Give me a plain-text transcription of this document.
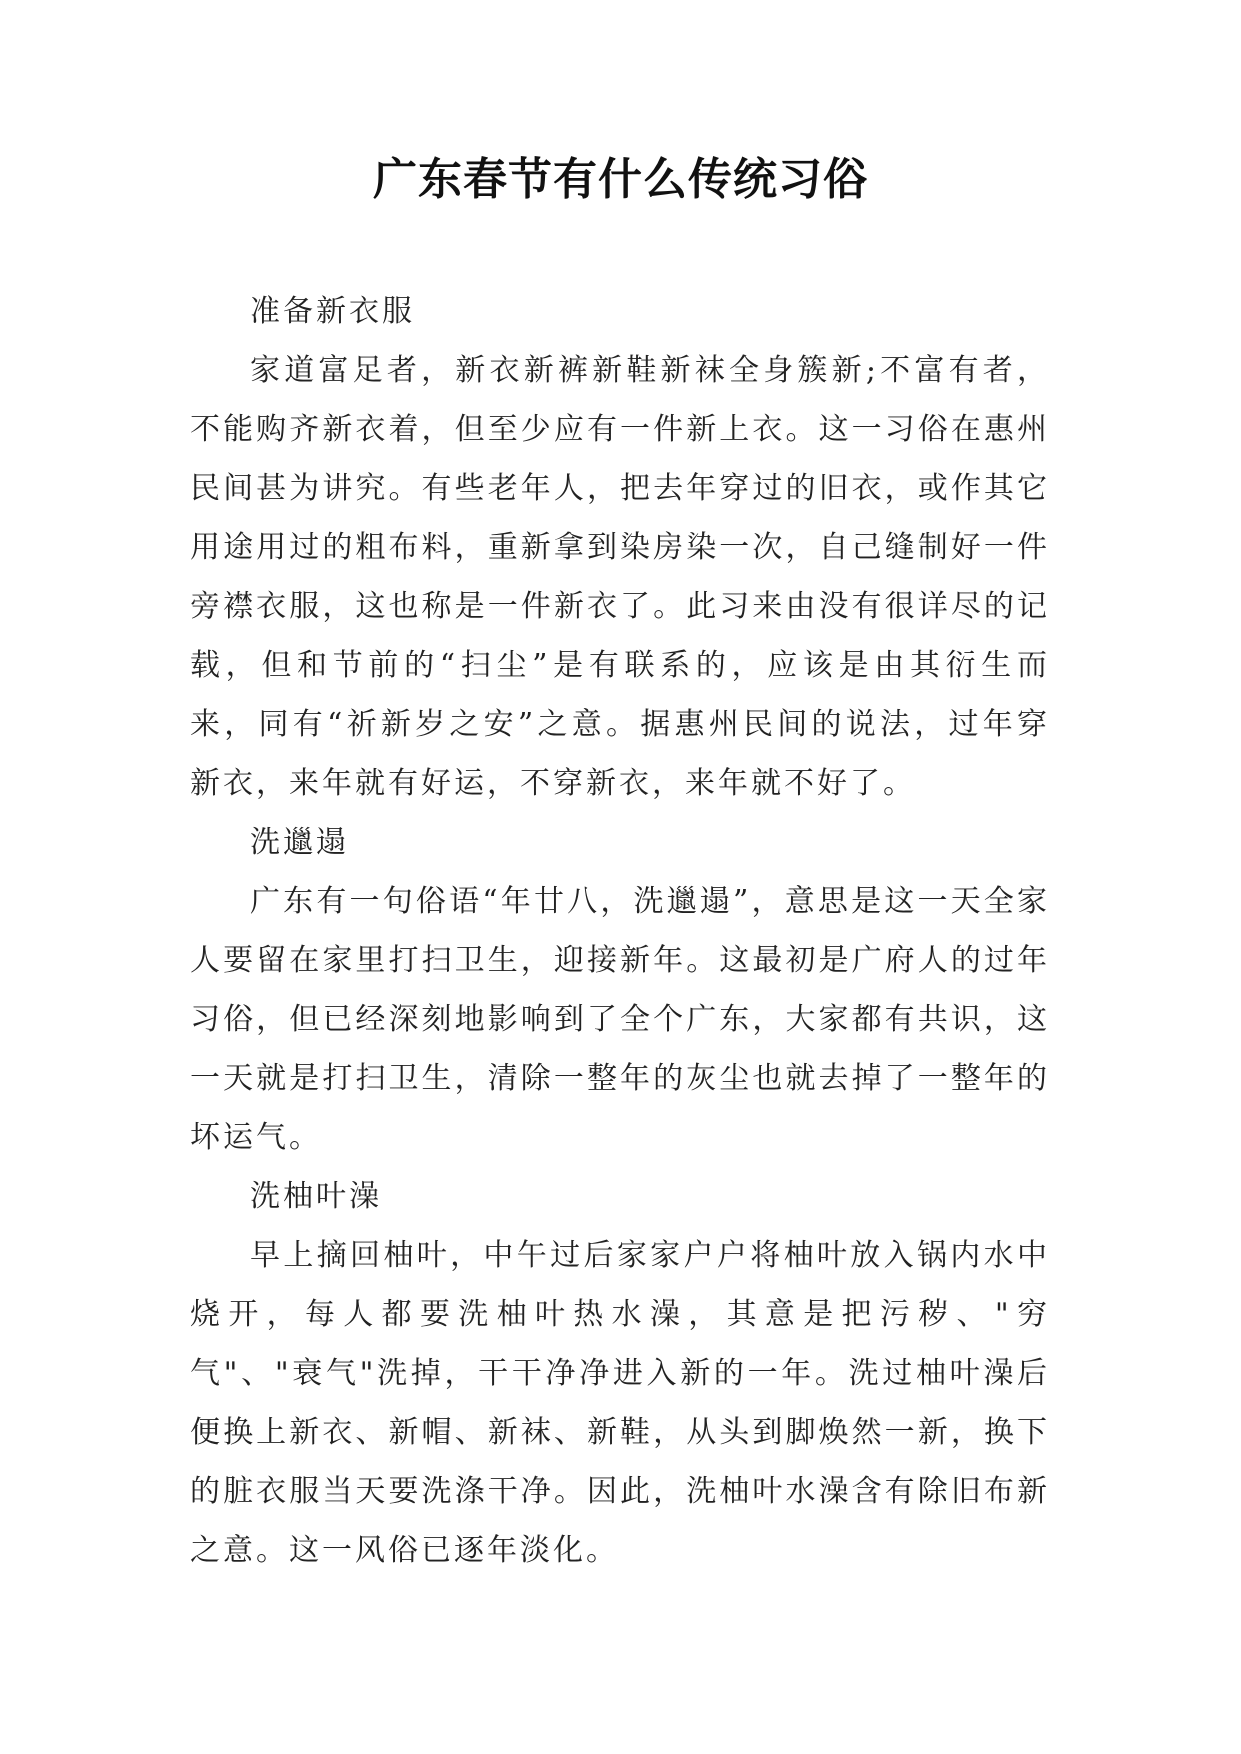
广东春节有什么传统习俗

准备新衣服

家道富足者，新衣新裤新鞋新袜全身簇新;不富有者，不能购齐新衣着，但至少应有一件新上衣。这一习俗在惠州民间甚为讲究。有些老年人，把去年穿过的旧衣，或作其它用途用过的粗布料，重新拿到染房染一次，自己缝制好一件旁襟衣服，这也称是一件新衣了。此习来由没有很详尽的记载，但和节前的“扫尘”是有联系的，应该是由其衍生而来，同有“祈新岁之安”之意。据惠州民间的说法，过年穿新衣，来年就有好运，不穿新衣，来年就不好了。

洗邋遢

广东有一句俗语“年廿八，洗邋遢”，意思是这一天全家人要留在家里打扫卫生，迎接新年。这最初是广府人的过年习俗，但已经深刻地影响到了全个广东，大家都有共识，这一天就是打扫卫生，清除一整年的灰尘也就去掉了一整年的坏运气。

洗柚叶澡

早上摘回柚叶，中午过后家家户户将柚叶放入锅内水中烧开，每人都要洗柚叶热水澡，其意是把污秽、"穷气"、"衰气"洗掉，干干净净进入新的一年。洗过柚叶澡后便换上新衣、新帽、新袜、新鞋，从头到脚焕然一新，换下的脏衣服当天要洗涤干净。因此，洗柚叶水澡含有除旧布新之意。这一风俗已逐年淡化。
